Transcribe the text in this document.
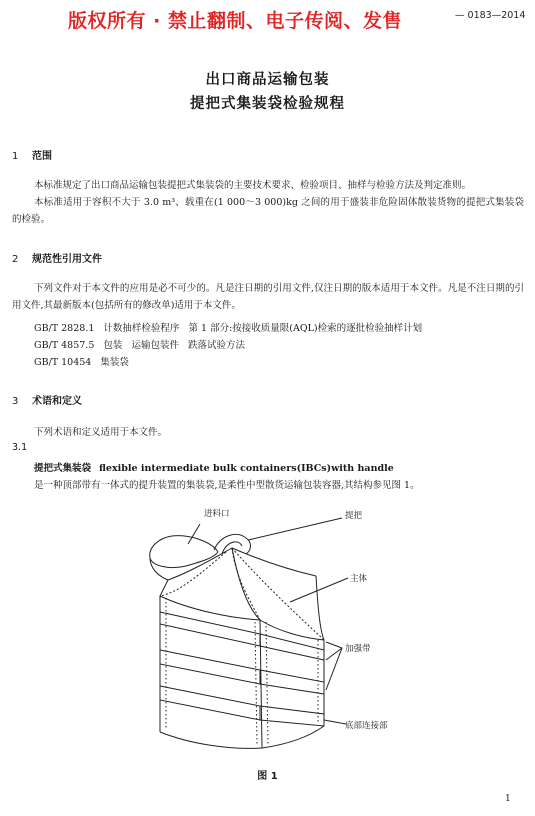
版权所有 · 禁止翻制、电子传阅、发售	— 0183—2014
出口商品运输包装
提把式集装袋检验规程
1 范围
本标准规定了出口商品运输包装提把式集装袋的主要技术要求、检验项目、抽样与检验方法及判定准则。
本标准适用于容积不大于 3.0 m³、载重在(1 000～3 000)kg 之间的用于盛装非危险固体散装货物的提把式集装袋的检验。
2 规范性引用文件
下列文件对于本文件的应用是必不可少的。凡是注日期的引用文件,仅注日期的版本适用于本文件。凡是不注日期的引用文件,其最新版本(包括所有的修改单)适用于本文件。
GB/T 2828.1   计数抽样检验程序   第 1 部分:按接收质量限(AQL)检索的逐批检验抽样计划
GB/T 4857.5   包装   运输包装件   跌落试验方法
GB/T 10454   集装袋
3 术语和定义
下列术语和定义适用于本文件。
3.1
提把式集装袋 flexible intermediate bulk containers(IBCs)with handle
是一种顶部带有一体式的提升装置的集装袋,是柔性中型散货运输包装容器,其结构参见图 1。
进料口	提把
主体
加强带
底部连接部
图 1
1
